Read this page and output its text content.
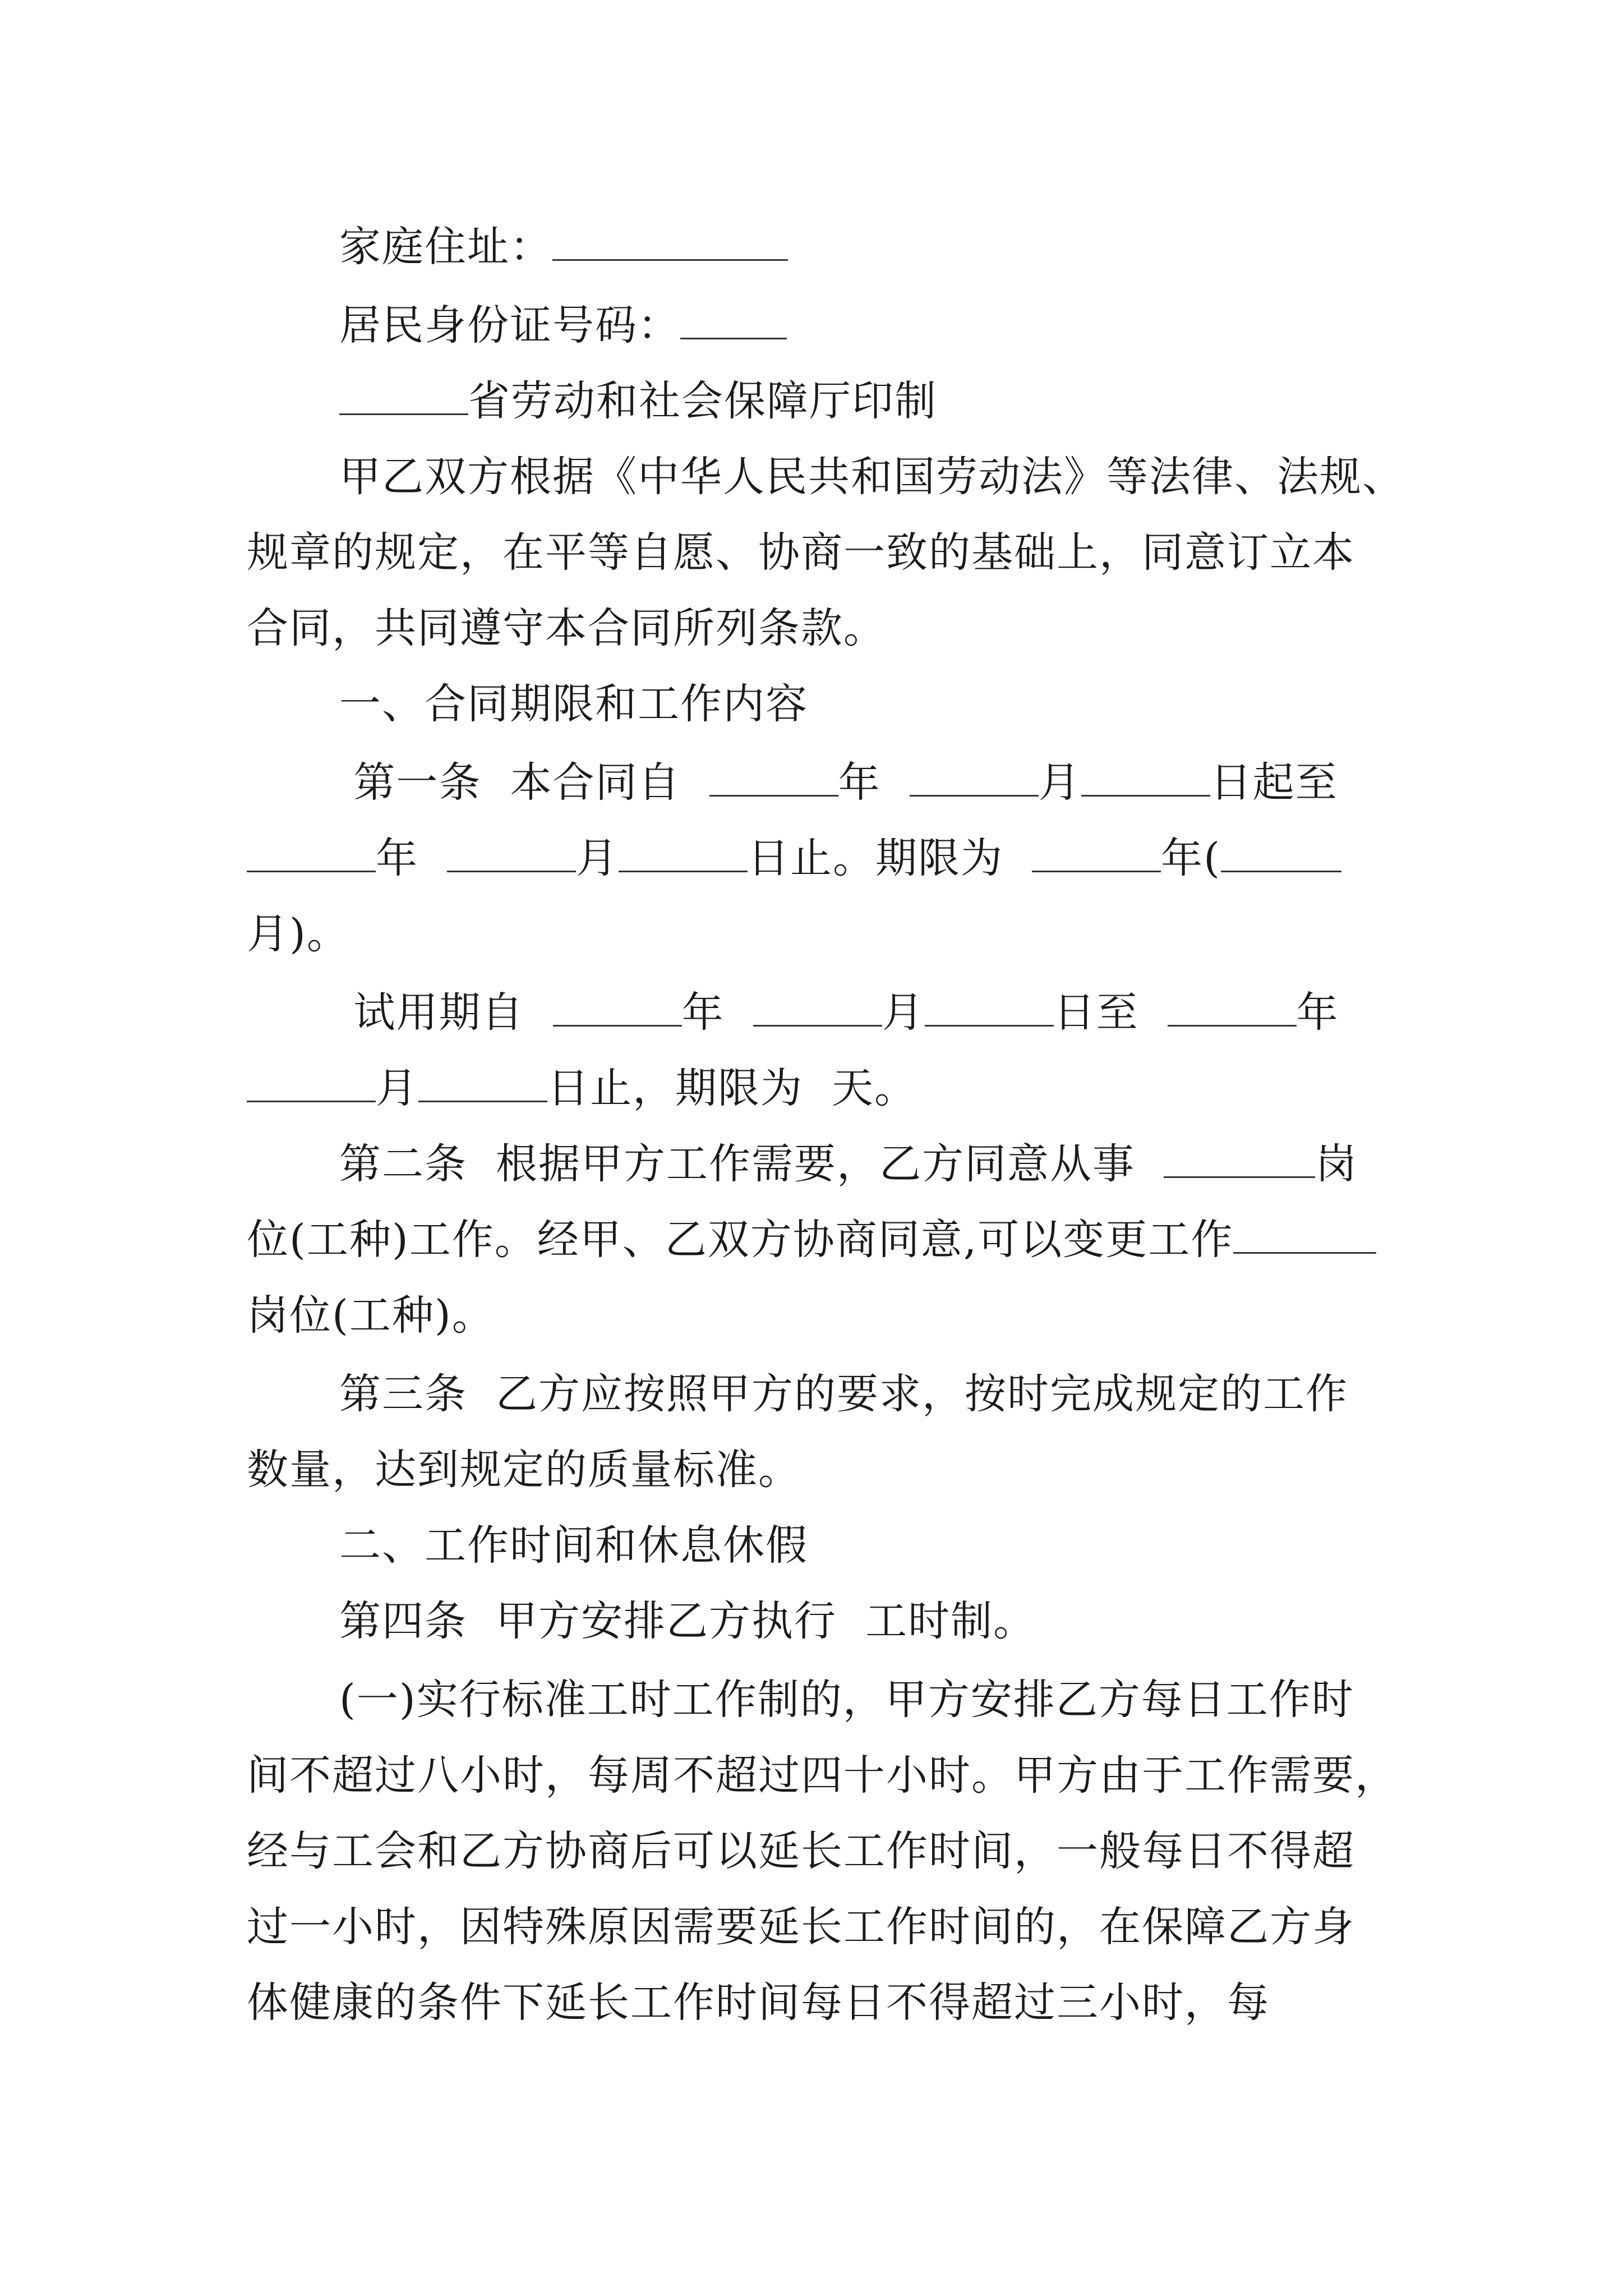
家庭住址：
居民身份证号码：
省劳动和社会保障厅印制
甲乙双方根据《中华人民共和国劳动法》等法律、法规、
规章的规定，在平等自愿、协商一致的基础上，同意订立本
合同，共同遵守本合同所列条款。
一、合同期限和工作内容
第一条  本合同自	年	月	日起至
年	月	日止。期限为	年(
月)。
试用期自	年	月	日至	年
月	日止，期限为  天。
第二条  根据甲方工作需要，乙方同意从事	岗
位(工种)工作。经甲、乙双方协商同意,可以变更工作
岗位(工种)。
第三条  乙方应按照甲方的要求，按时完成规定的工作
数量，达到规定的质量标准。
二、工作时间和休息休假
第四条  甲方安排乙方执行  工时制。
(一)实行标准工时工作制的，甲方安排乙方每日工作时
间不超过八小时，每周不超过四十小时。甲方由于工作需要，
经与工会和乙方协商后可以延长工作时间，一般每日不得超
过一小时，因特殊原因需要延长工作时间的，在保障乙方身
体健康的条件下延长工作时间每日不得超过三小时，每
